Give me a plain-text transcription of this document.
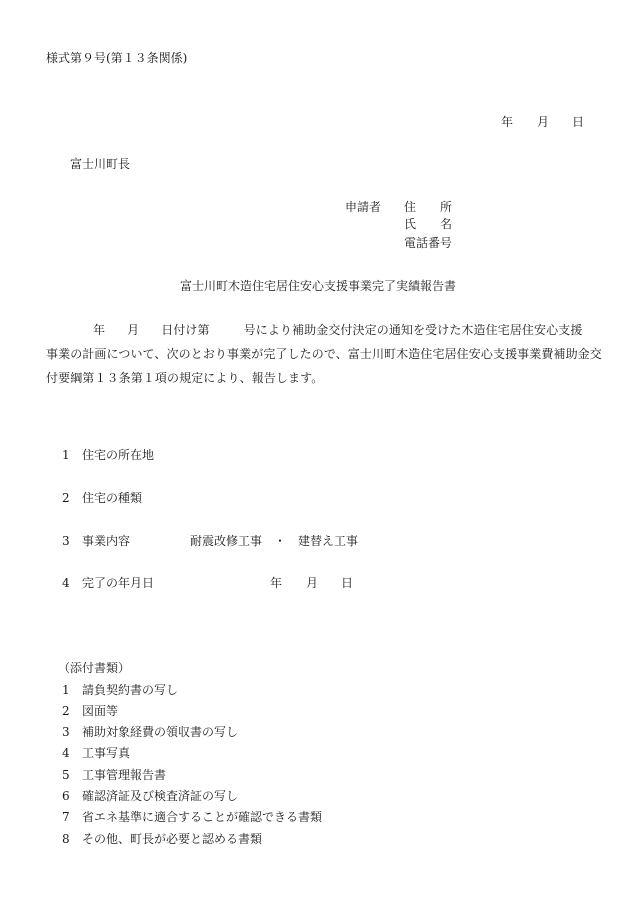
様式第９号(第１３条関係)
年 月 日
富士川町長
申請者 住　　所
氏　　名
電話番号
富士川町木造住宅居住安心支援事業完了実績報告書
年 月 日付け第	号により補助金交付決定の通知を受けた木造住宅居住安心支援
事業の計画について、次のとおり事業が完了したので、富士川町木造住宅居住安心支援事業費補助金交
付要綱第１３条第１項の規定により、報告します。
1 住宅の所在地
2 住宅の種類
3 事業内容	耐震改修工事　・　建替え工事
4 完了の年月日	年 月 日
（添付書類）
1 請負契約書の写し
2 図面等
3 補助対象経費の領収書の写し
4 工事写真
5 工事管理報告書
6 確認済証及び検査済証の写し
7 省エネ基準に適合することが確認できる書類
8 その他、町長が必要と認める書類
